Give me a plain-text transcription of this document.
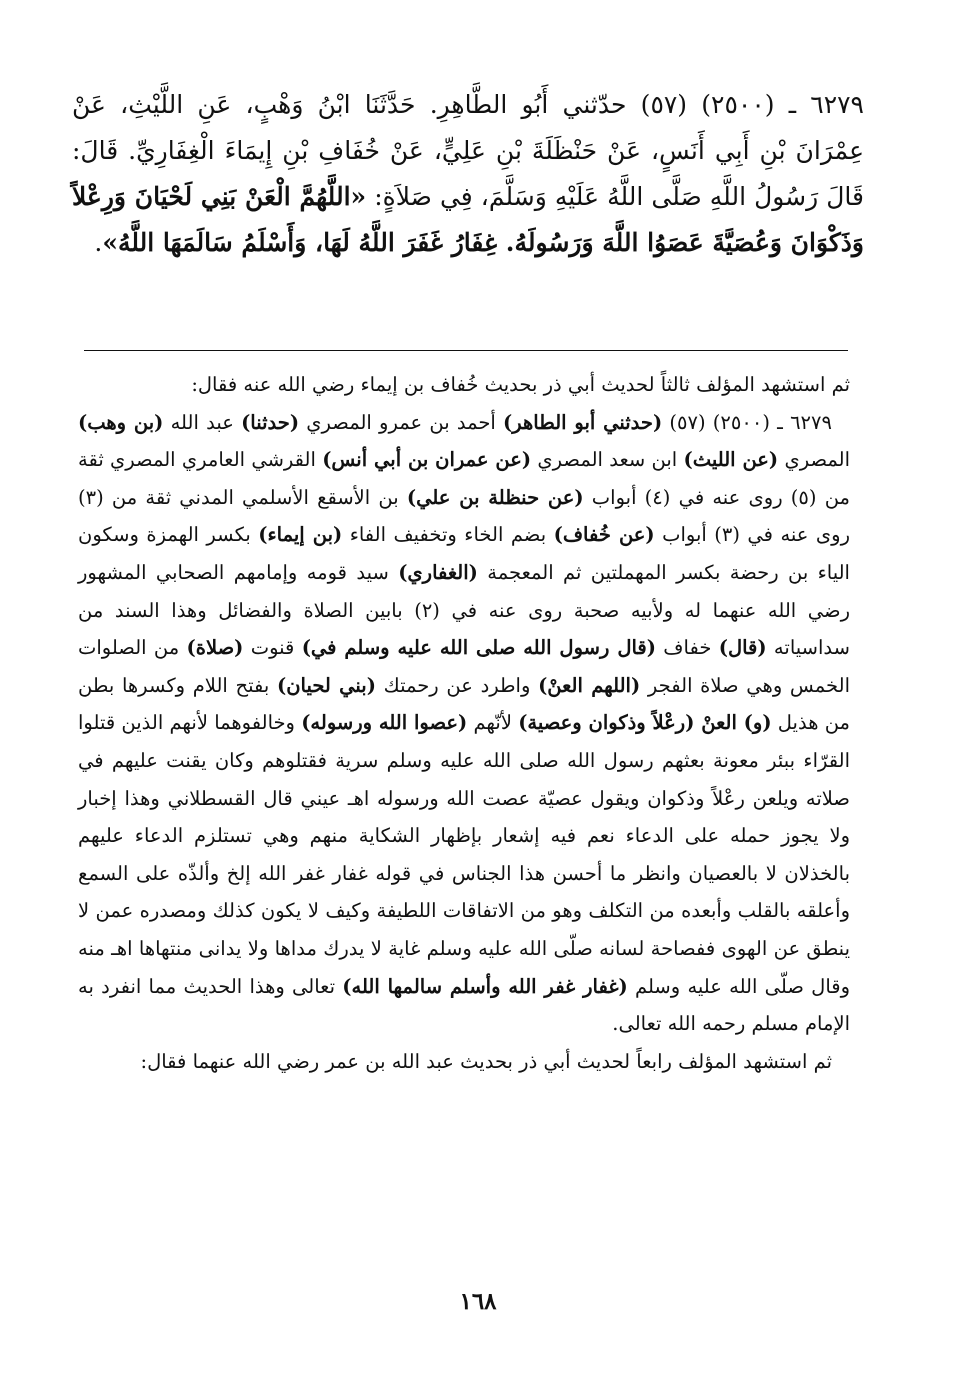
٦٢٧٩ ـ (٢٥٠٠) (٥٧) حدّثني أَبُو الطَّاهِرِ. حَدَّثَنَا ابْنُ وَهْبٍ، عَنِ اللَّيْثِ، عَنْ عِمْرَانَ بْنِ أَبِي أَنَسٍ، عَنْ حَنْظَلَةَ بْنِ عَلِيٍّ، عَنْ خُفَافِ بْنِ إِيمَاءَ الْغِفَارِيِّ. قَالَ: قَالَ رَسُولُ اللَّهِ صَلَّى اللَّهُ عَلَيْهِ وَسَلَّمَ، فِي صَلاَةٍ: «اللَّهُمَّ الْعَنْ بَنِي لَحْيَانَ وَرِعْلاً وَذَكْوَانَ وَعُصَيَّةَ عَصَوُا اللَّهَ وَرَسُولَهُ. غِفَارُ غَفَرَ اللَّهُ لَهَا، وَأَسْلَمُ سَالَمَهَا اللَّهُ».

ثم استشهد المؤلف ثالثاً لحديث أبي ذر بحديث خُفاف بن إيماء رضي الله عنه فقال:

٦٢٧٩ ـ (٢٥٠٠) (٥٧) (حدثني أبو الطاهر) أحمد بن عمرو المصري (حدثنا) عبد الله (بن وهب) المصري (عن الليث) ابن سعد المصري (عن عمران بن أبي أنس) القرشي العامري المصري ثقة من (٥) روى عنه في (٤) أبواب (عن حنظلة بن علي) بن الأسقع الأسلمي المدني ثقة من (٣) روى عنه في (٣) أبواب (عن خُفاف) بضم الخاء وتخفيف الفاء (بن إيماء) بكسر الهمزة وسكون الياء بن رحضة بكسر المهملتين ثم المعجمة (الغفاري) سيد قومه وإمامهم الصحابي المشهور رضي الله عنهما له ولأبيه صحبة روى عنه في (٢) بابين الصلاة والفضائل وهذا السند من سداسياته (قال) خفاف (قال رسول الله صلى الله عليه وسلم في) قنوت (صلاة) من الصلوات الخمس وهي صلاة الفجر (اللهم العنْ) واطرد عن رحمتك (بني لحيان) بفتح اللام وكسرها بطن من هذيل (و) العنْ (رعْلاً وذكوان وعصية) لأنّهم (عصوا الله ورسوله) وخالفوهما لأنهم الذين قتلوا القرّاء ببئر معونة بعثهم رسول الله صلى الله عليه وسلم سرية فقتلوهم وكان يقنت عليهم في صلاته ويلعن رعْلاً وذكوان ويقول عصيّة عصت الله ورسوله اهـ عيني قال القسطلاني وهذا إخبار ولا يجوز حمله على الدعاء نعم فيه إشعار بإظهار الشكاية منهم وهي تستلزم الدعاء عليهم بالخذلان لا بالعصيان وانظر ما أحسن هذا الجناس في قوله غفار غفر الله إلخ وألذّه على السمع وأعلقه بالقلب وأبعده من التكلف وهو من الاتفاقات اللطيفة وكيف لا يكون كذلك ومصدره عمن لا ينطق عن الهوى ففصاحة لسانه صلّى الله عليه وسلم غاية لا يدرك مداها ولا يدانى منتهاها اهـ منه وقال صلّى الله عليه وسلم (غفار غفر الله وأسلم سالمها الله) تعالى وهذا الحديث مما انفرد به الإمام مسلم رحمه الله تعالى.

ثم استشهد المؤلف رابعاً لحديث أبي ذر بحديث عبد الله بن عمر رضي الله عنهما فقال:

١٦٨
